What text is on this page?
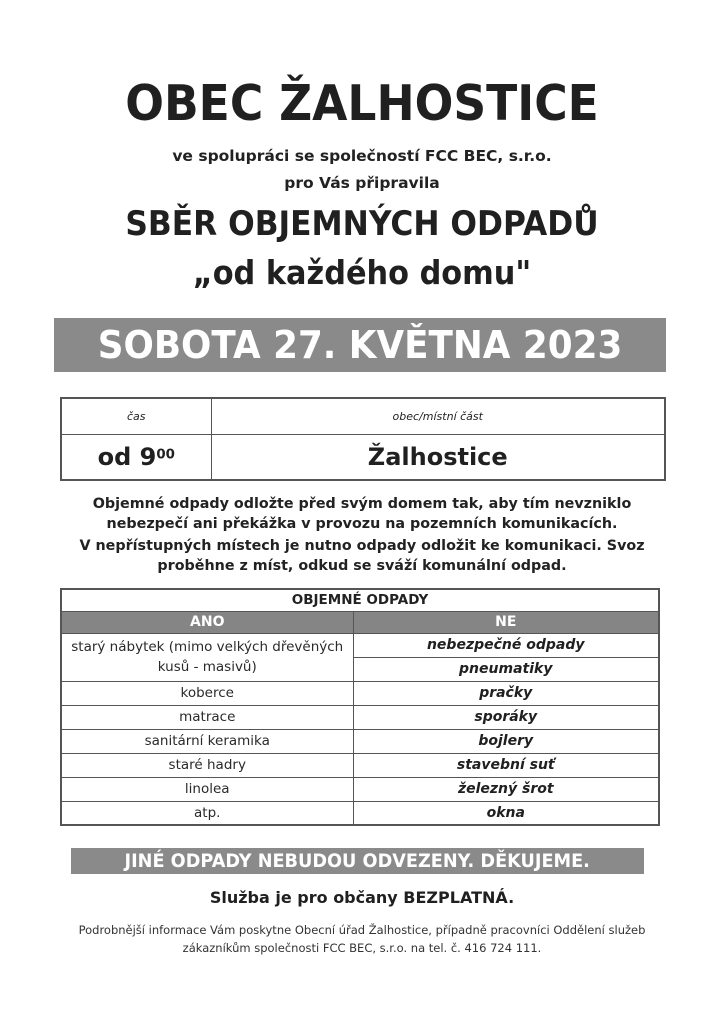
OBEC ŽALHOSTICE
ve spolupráci se společností FCC BEC, s.r.o.
pro Vás připravila
SBĚR OBJEMNÝCH ODPADŮ
„od každého domu"
SOBOTA 27. KVĚTNA 2023
čas	obec/místní část
od $9^{00}$	Žalhostice
Objemné odpady odložte před svým domem tak, aby tím nevzniklo
nebezpečí ani překážka v provozu na pozemních komunikacích.
V nepřístupných místech je nutno odpady odložit ke komunikaci. Svoz
proběhne z míst, odkud se sváží komunální odpad.
OBJEMNÉ ODPADY	
ANO	NE
starý nábytek (mimo velkých dřevěných kusů - masivů)	nebezpečné odpady
	pneumatiky
koberce	pračky
matrace	sporáky
sanitární keramika	bojlery
staré hadry	stavební suť
linolea	železný šrot
atp.	okna
JINÉ ODPADY NEBUDOU ODVEZENY. DĚKUJEME.
Služba je pro občany BEZPLATNÁ.
Podrobnější informace Vám poskytne Obecní úřad Žalhostice, případně pracovníci Oddělení služeb
zákazníkům společnosti FCC BEC, s.r.o. na tel. č. 416 724 111.
